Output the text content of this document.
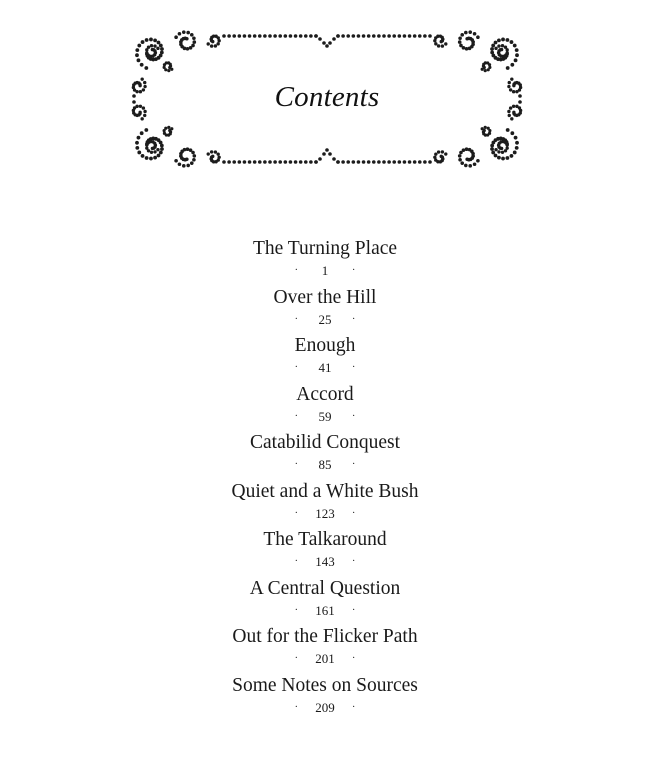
Contents
The Turning Place
· 1 ·
Over the Hill
· 25 ·
Enough
· 41 ·
Accord
· 59 ·
Catabilid Conquest
· 85 ·
Quiet and a White Bush
· 123 ·
The Talkaround
· 143 ·
A Central Question
· 161 ·
Out for the Flicker Path
· 201 ·
Some Notes on Sources
· 209 ·
